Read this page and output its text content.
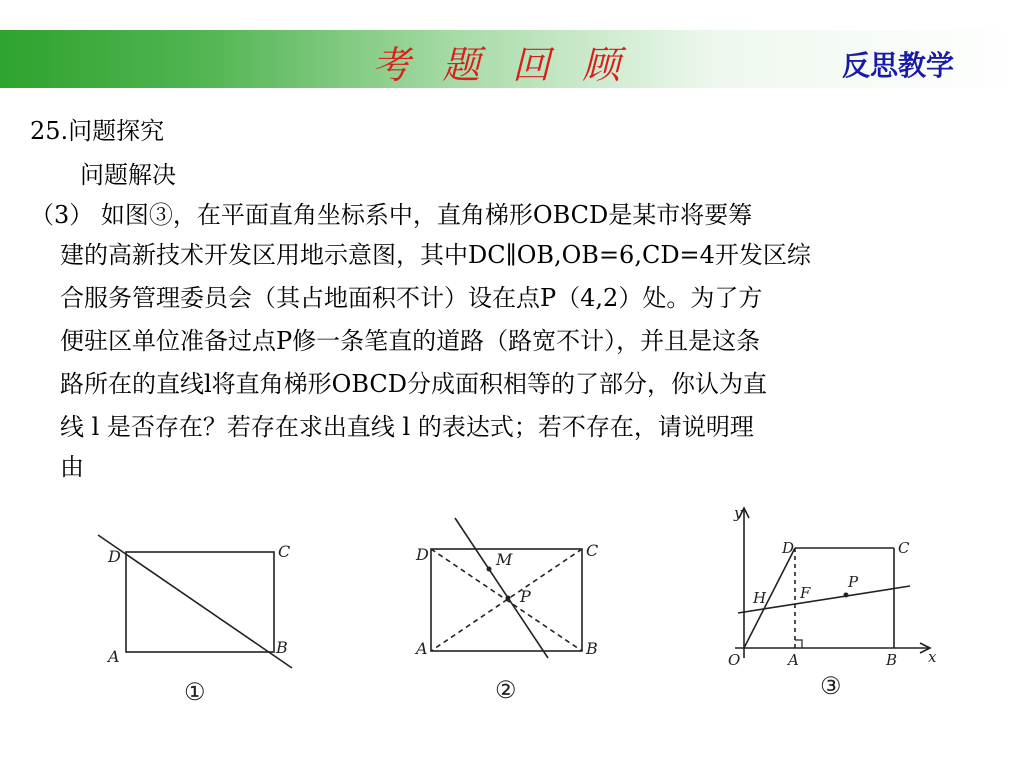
考 题 回 顾	反思教学
25.问题探究
问题解决
（3） 如图③，在平面直角坐标系中，直角梯形OBCD是某市将要筹
建的高新技术开发区用地示意图，其中DC∥OB,OB=6,CD=4开发区综
合服务管理委员会（其占地面积不计）设在点P（4,2）处。为了方
便驻区单位准备过点P修一条笔直的道路（路宽不计），并且是这条
路所在的直线l将直角梯形OBCD分成面积相等的了部分，你认为直
线 l 是否存在？若存在求出直线 l 的表达式；若不存在，请说明理
由
D	C
A	B
①
D	C
A	B
M
P
②
y
x
O	A	B
C
D
H F
P
③
